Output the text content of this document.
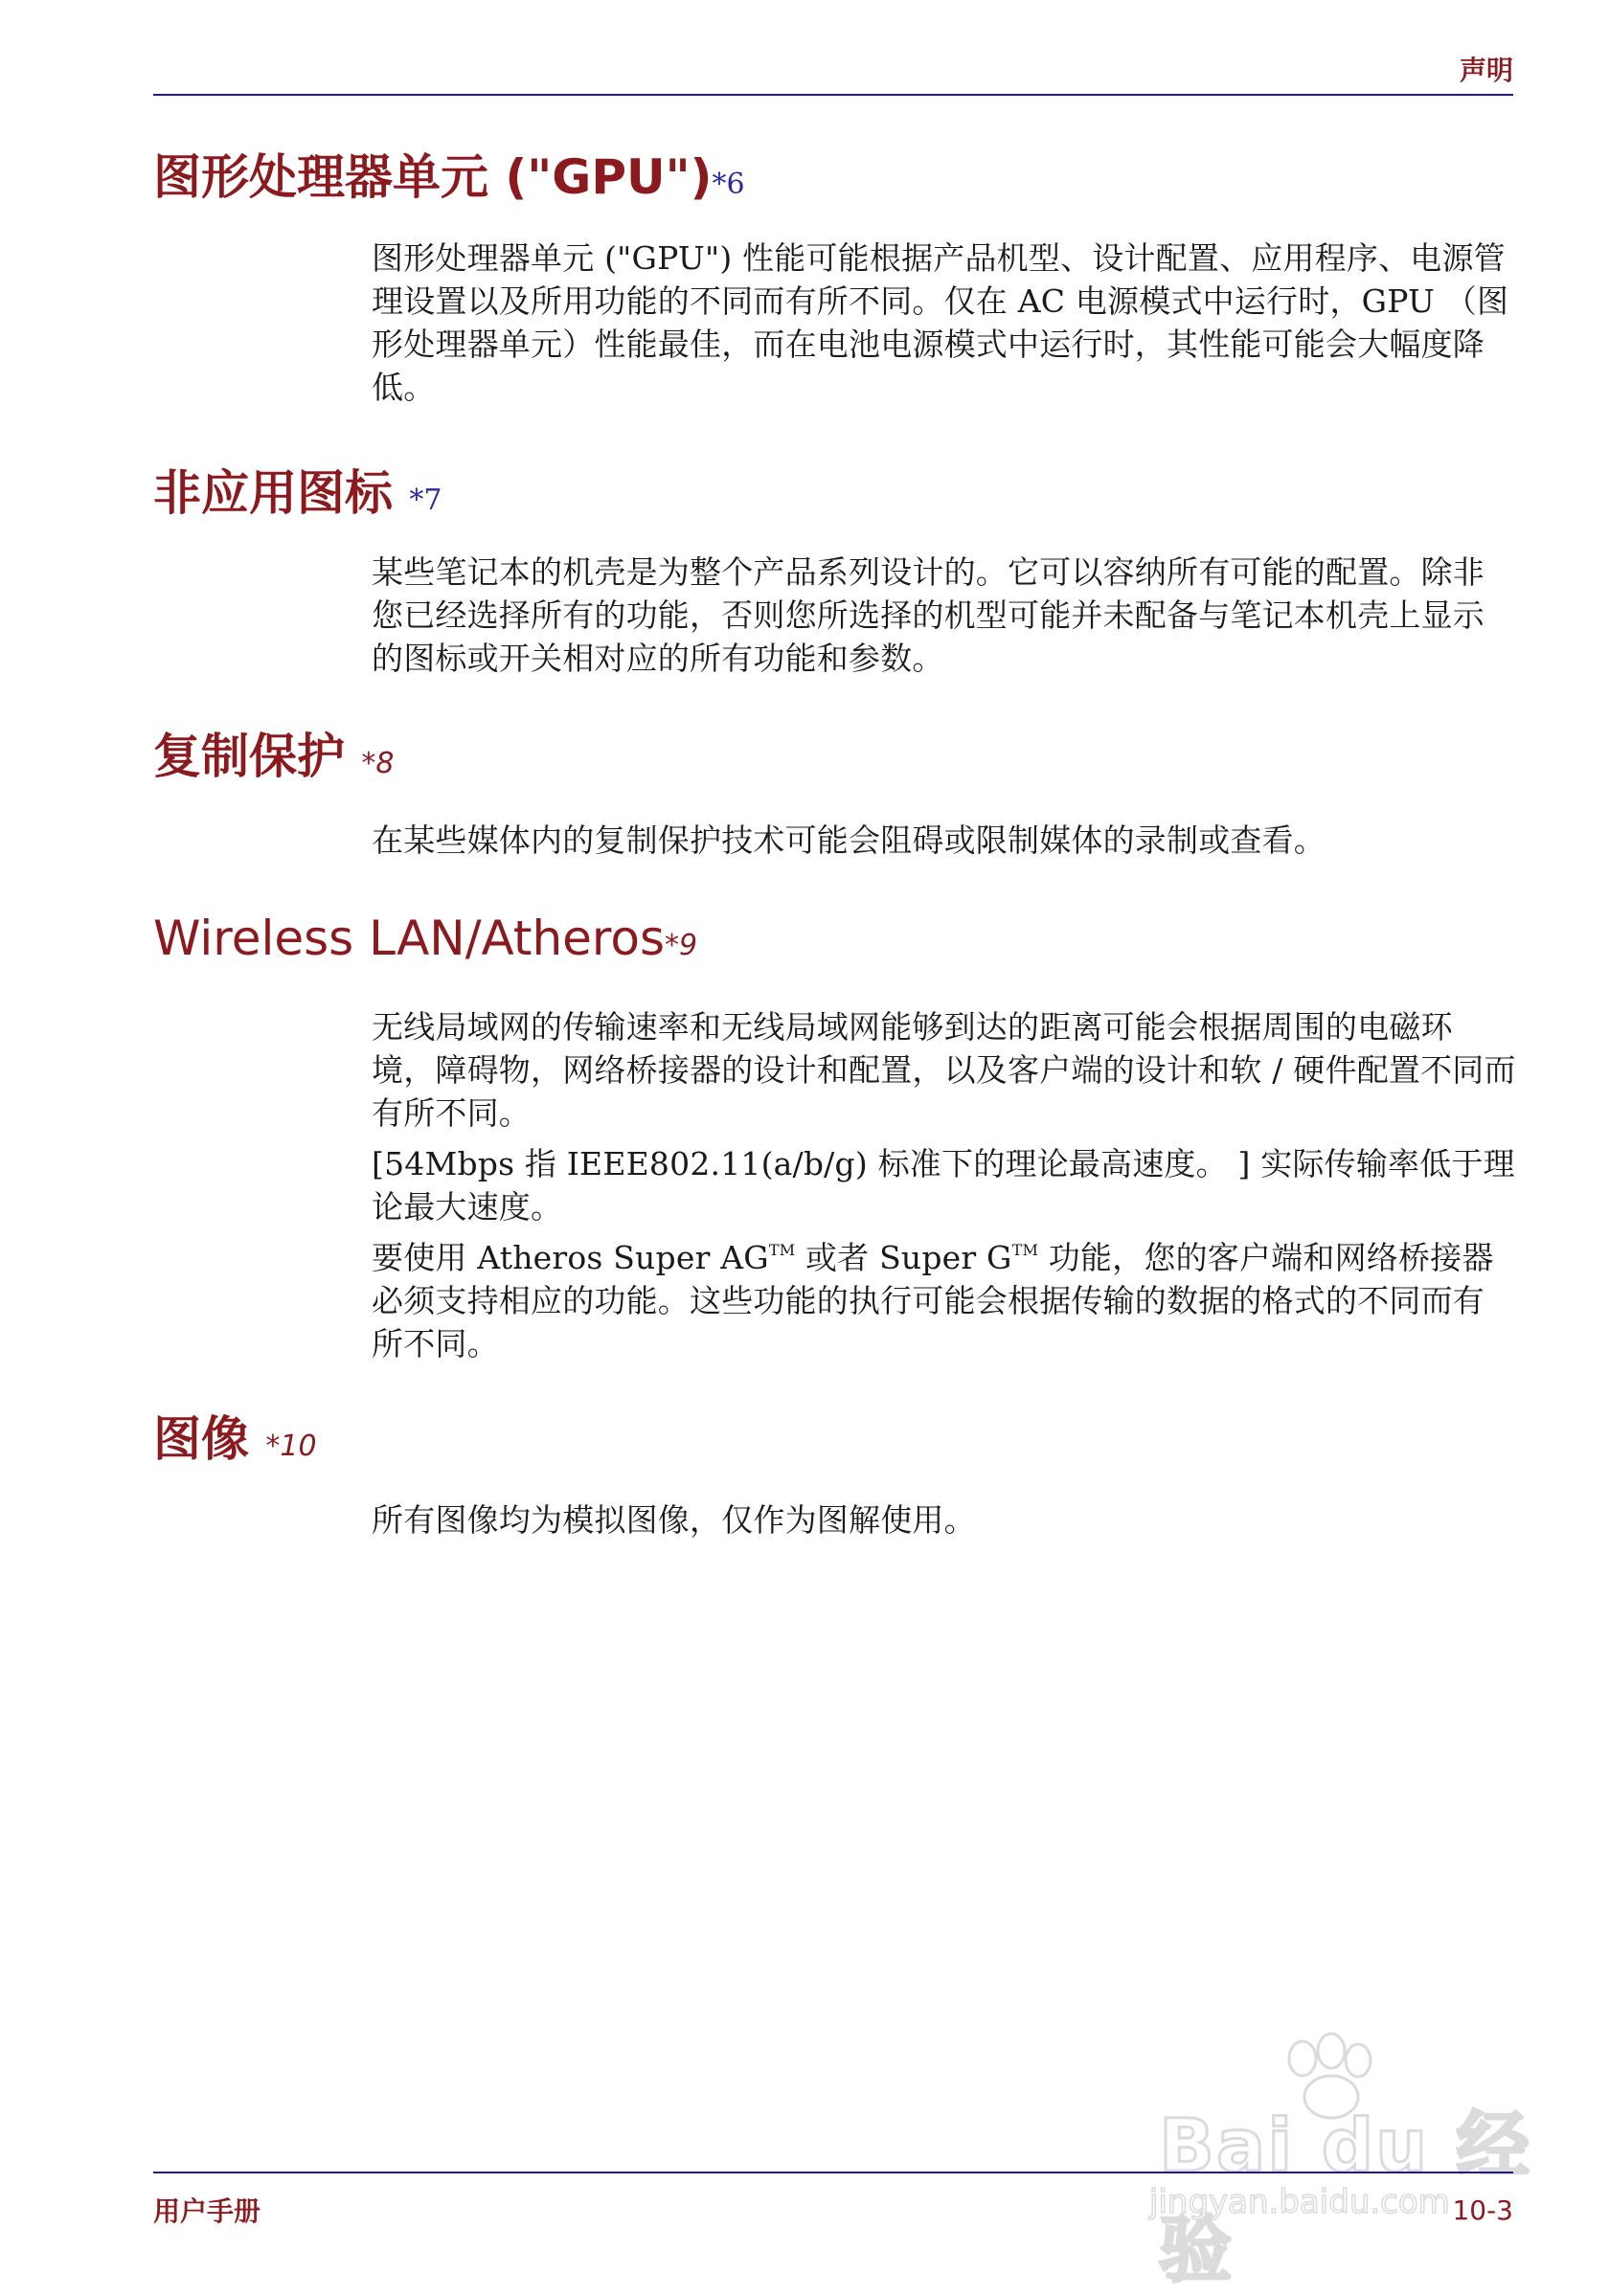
声明
图形处理器单元 ("GPU")*6

图形处理器单元 ("GPU") 性能可能根据产品机型、设计配置、应用程序、电源管理设置以及所用功能的不同而有所不同。仅在 AC 电源模式中运行时，GPU （图形处理器单元）性能最佳，而在电池电源模式中运行时，其性能可能会大幅度降低。

非应用图标 *7

某些笔记本的机壳是为整个产品系列设计的。它可以容纳所有可能的配置。除非您已经选择所有的功能，否则您所选择的机型可能并未配备与笔记本机壳上显示的图标或开关相对应的所有功能和参数。

复制保护 *8

在某些媒体内的复制保护技术可能会阻碍或限制媒体的录制或查看。

Wireless LAN/Atheros*9

无线局域网的传输速率和无线局域网能够到达的距离可能会根据周围的电磁环境，障碍物，网络桥接器的设计和配置，以及客户端的设计和软 / 硬件配置不同而有所不同。

[54Mbps 指 IEEE802.11(a/b/g) 标准下的理论最高速度。 ] 实际传输率低于理论最大速度。

要使用 Atheros Super AG™ 或者 Super G™ 功能，您的客户端和网络桥接器必须支持相应的功能。这些功能的执行可能会根据传输的数据的格式的不同而有所不同。

图像 *10

所有图像均为模拟图像，仅作为图解使用。

Bai du 经验
jingyan.baidu.com
用户手册	10-3
